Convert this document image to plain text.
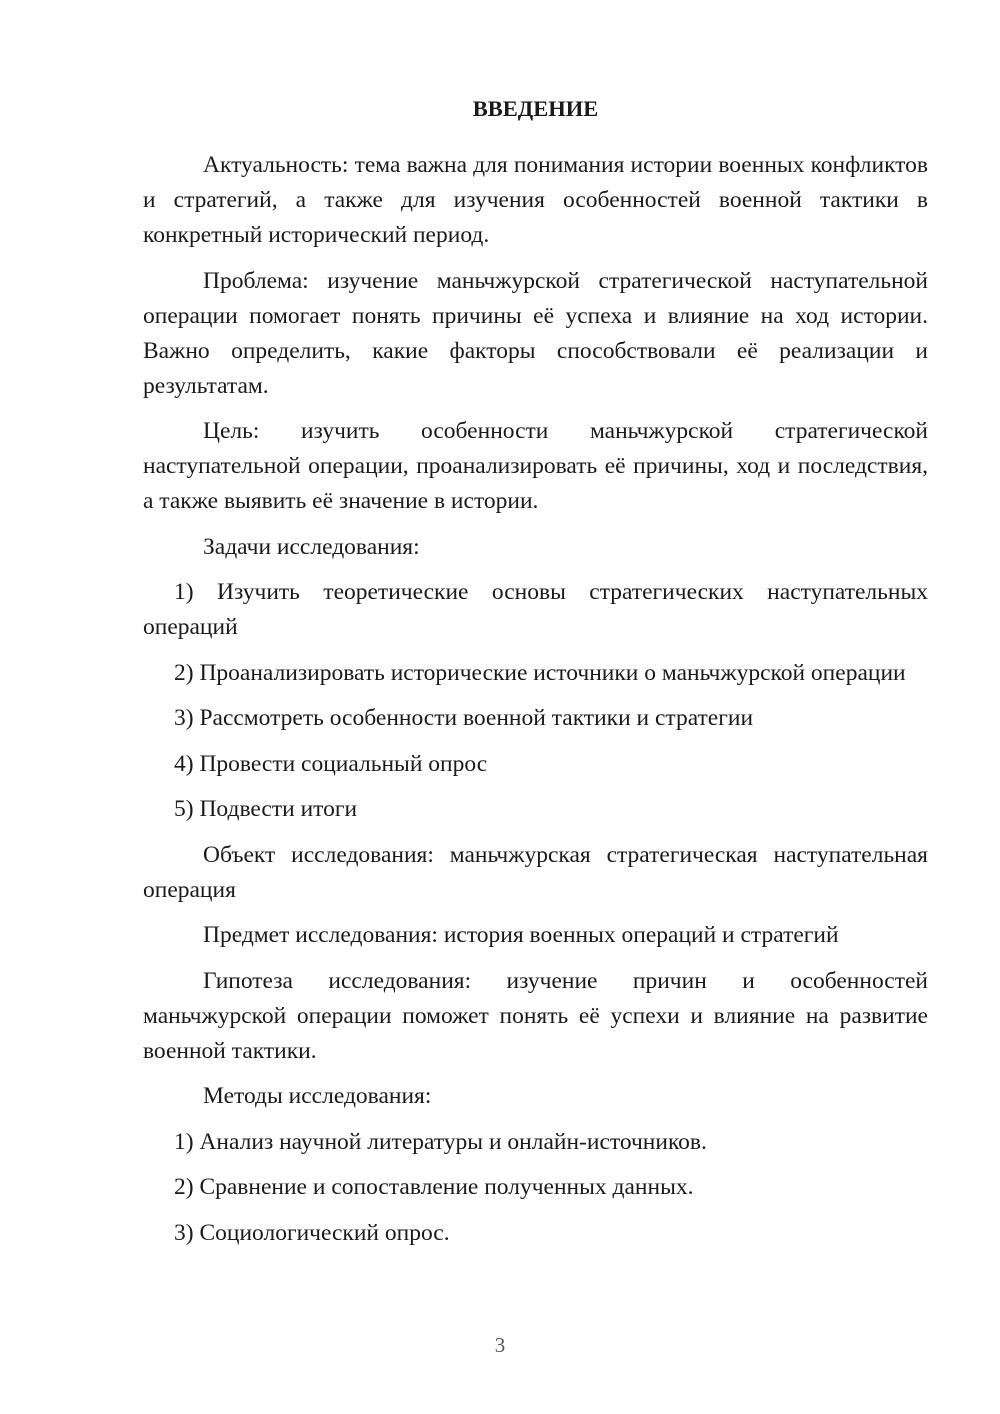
ВВЕДЕНИЕ

Актуальность: тема важна для понимания истории военных конфликтов и стратегий, а также для изучения особенностей военной тактики в конкретный исторический период.

Проблема: изучение маньчжурской стратегической наступательной операции помогает понять причины её успеха и влияние на ход истории. Важно определить, какие факторы способствовали её реализации и результатам.

Цель: изучить особенности маньчжурской стратегической наступательной операции, проанализировать её причины, ход и последствия, а также выявить её значение в истории.

Задачи исследования:

1) Изучить теоретические основы стратегических наступательных операций

2) Проанализировать исторические источники о маньчжурской операции

3) Рассмотреть особенности военной тактики и стратегии

4) Провести социальный опрос

5) Подвести итоги

Объект исследования: маньчжурская стратегическая наступательная операция

Предмет исследования: история военных операций и стратегий

Гипотеза исследования: изучение причин и особенностей маньчжурской операции поможет понять её успехи и влияние на развитие военной тактики.

Методы исследования:

1) Анализ научной литературы и онлайн-источников.

2) Сравнение и сопоставление полученных данных.

3) Социологический опрос.

3
